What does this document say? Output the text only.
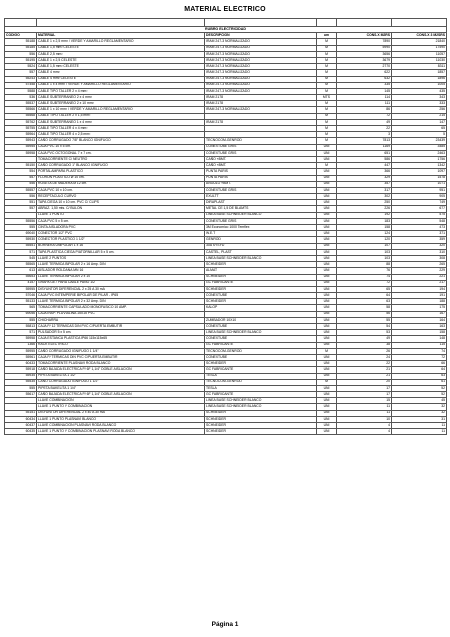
MATERIAL ELECTRICO

RUBRO ELECTRICIDAD					
CODIGO	MATERIAL	DESCRIPCION	um	CONS.X M2RS	CONS.X 3 M2SRS
55188	CABLE 1 x 2,5 mm² / VERDE Y AMARILLO REGLAMENTARIO	IRAM 247-3 NORMALIZADO	M	7890	21840
55185	CABLE 1,5 mm² CELESTE	IRAM 247-3 NORMALIZADO	M	5990	17590
556	CABLE 2,5 mm²	IRAM 247-3 NORMALIZADO	M	3656	11057
55195	CABLE 1 x 2,5 CELESTE	IRAM 247-3 NORMALIZADO	M	3679	11030
5524	CABLE 1,5 mm² CELESTE	IRAM 247-3 NORMALIZADO	M	2770	8311
557	CABLE 4 mm²	IRAM 247-3 NORMALIZADO	M	622	1857
55243	CABLE 4 mm² CELESTE	IRAM 247-3 NORMALIZADO	M	632	1896
57458	CABLE 1 x 4 mm² / VERDE Y AMARILLO REGLAMENTARIO	IRAM 247-3 NORMALIZADO	M	335	1005
5588	CABLE TIPO TALLER 2 x 4 mm²	IRAM 247-3 NORMALIZADO	M	145	435
536	CABLE SUBTERRANEO 2 x 4 mm²	IRAM 2178	MTS	114	343
55537	CABLE SUBTERRANEO 2 x 10 mm²	IRAM 2178	M	111	333
55566	CABLE 1 x 10 mm² / VERDE Y AMARILLO REGLAMENTARIO	IRAM 247-3 NORMALIZADO	M	86	256
55568	CABLE TIPO TALLER 2 x 1,5 mm²		M	72	215
55762	CABLE SUBTERRANEO 1 x 4 mm²	IRAM 2178	M	49	147
55755	CABLE TIPO TALLER 4 x 4 mm²		M	22	65
55964	CABLE TIPO TALLER 4 x 2,5 mm²		M	3	5
55943	CAÑO CORRUGADO 7/8" BLANCO IGNIFUGO	TECNOCOM-GENROD	M	7813	23439
55955	CAJA PVC 10 x 5 cm.	CONEXTUBE GRIS	UNI	1169	3485
55958	CAJA PVC OCTOGONAL 7 x 7 cm.	CONEXTUBE GRIS	UNI	651	2463
	TOMACORRIENTE C/ NEUTRO	CAÑO «BMT.	UNI	586	1756
55150	CAÑO CORRUGADO 1" BLANCO IGNIFUGO	CAÑO «BMT.	M	447	1342
554	PORTALAMPARA PLASTICO	PUNTA PARIS	UNI	366	1097
557	FLORON PLASTICO Ø 10 cm.	PUNTA PARIS	UNI	329	1578
556	ROSETA DE MADERA Ø 12 cm.	ANGULO «BMT.	UNI	357	1071
55557	CAJA PVC 10 x 10 cm.	CONEXTUBE GRIS	UNI	317	951
556	RECEPTACULO CURVO	EXULTT	UNI	302	905
551	TAPA CIEGA 10 x 10 cm. PVC C/ CLIPS	DIRAPLAST	UNI	250	749
557	ABRAZ. 1,50 mts. C/ BULON	METAL CE 1,5 DE BLAMTS	UNI	226	677
	LLAVE 1 PUNTO	LINEA BASE SCHNEIDER BLANCO	UNI	192	575
55556	CAJA PVC 5 x 5 cm.	CONEXTUBE GRIS	UNI	183	548
555	CINTA AISLADORA PVC	3M Economico 1000 Temflex	UNI	158	473
69040	CONECTOR 1/2" PVC	W.E.T	UNI	124	371
55930	CONECTOR PLASTICO 1 1/2"	GENROD	UNI	120	359
55551	BORNERA UNIPOLAR 1 x 16	30A SYSYD	UNI	107	320
571	TAPA PLASTICA CIEGA P/ATORNILLAR 5 x 5 cm.	CASTEL, PLAST	UNI	103	310
545	LLAVE 2 PUNTOS	LINEA BASE SCHNEIDER BLANCO	UNI	103	308
55565	LLAVE TERMICA BIPOLAR 2 x 16 Amp. DIN	SCHNEIDER	UNI	88	265
613	AISLADOR ROLDANA MN 16	ALMAT	UNI	76	229
55653	LLAVE TERMICA BIPOLAR 2 x 10	SCHNEIDER	UNI	74	221
4157	GRAPA GE7 PARA CABLE PAÑO 1/2	GC FABRICANTE	UNI	72	217
55955	DISYUNTOR DIFERENCIAL 2 x 25 A 30 mA	SCHNEIDER	UNI	65	194
57046	CAJA PVC INTEMPERIE BIPOLAR DE PILAR - IP65	CONEXTUBE	UNI	64	191
55133	LLAVE TERMICA BIPOLAR 2 x 32 Amp. DIN	SCHNEIDER	UNI	63	188
565	TOMACORRIENTE CAPSULADO MONOFASICO 10 AMP.	KALOP	UNI	58	175
69056	CAJA INSP. PLUVIALINA 15X15 PVC		UNI	56	167
555	CHICHARRA	ZUMBADOR 10X10	UNI	55	164
55813	CAJA P/ 12 TERMICAS DIN PVC C/PUERTA EMBUTIR	CONEXTUBE	UNI	54	163
571	PULSADOR 5 x 5 cm.	LINEA BASE SCHNEIDER BLANCO	UNI	53	158
55958	CAJA ESTANCA PLASTICA IP66 115x115x65	CONEXTUBE	UNI	49	148
1366	RACK ELECTRICO	GC FABRICANTE	UNI	38	115
55955	CAÑO CORRUGADO IGNIFUGO 1 1/4"	TECNOCOM-GENROD	M	26	74
55961	CAJA P/ TERMICAS DIN PVC C/PUERTA EMBUTIR	CONEXTUBE	UNI	24	72
60433	TOMACORRIENTE PLASNAVI RODA BLANCO	SCHNEIDER	UNI	22	66
55918	CAÑO BAJADA ELECTRICA P/ 6F 1,1/4" DOBLE AISLACION	GC FABRICANTE	UNI	21	64
55935	PIPETA BAKELITA 1 1/2"	TESLA	UNI	21	63
55535	CAÑO CORRUGADO IGNIFUGO 1 1/2"	TECNOCOM-GENROD	M	20	61
555	PIPETA BAKELITA 1 1/4"	TESLA	UNI	17	52
55617	CAÑO BAJADA ELECTRICA P/ 6F 1,1/4" DOBLE AISLACION	GC FABRICANTE	UNI	17	52
	LLAVE COMBINACION	LINEA BASE SCHNEIDER BLANCO	UNI	15	45
	LLAVE 1 PUNTO Y COMBINACION	LINEA BASE SCHNEIDER BLANCO	UNI	11	32
55151	DISYUNTOR DIFERENCIAL 2 x 40 A 30 mA	SCHNEIDER	UNI	11	32
60434	LLAVE 1 PUNTO PLASNAVI BLANCO	SCHNEIDER	UNI	10	31
60437	LLAVE COMBINACION PLASNAVI RODA BLANCO	SCHNEIDER	UNI	4	11
60435	LLAVE 1 PUNTO Y COMBINACION PLASNAVI RODA BLANCO	SCHNEIDER	UNI	4	11
Página 1
